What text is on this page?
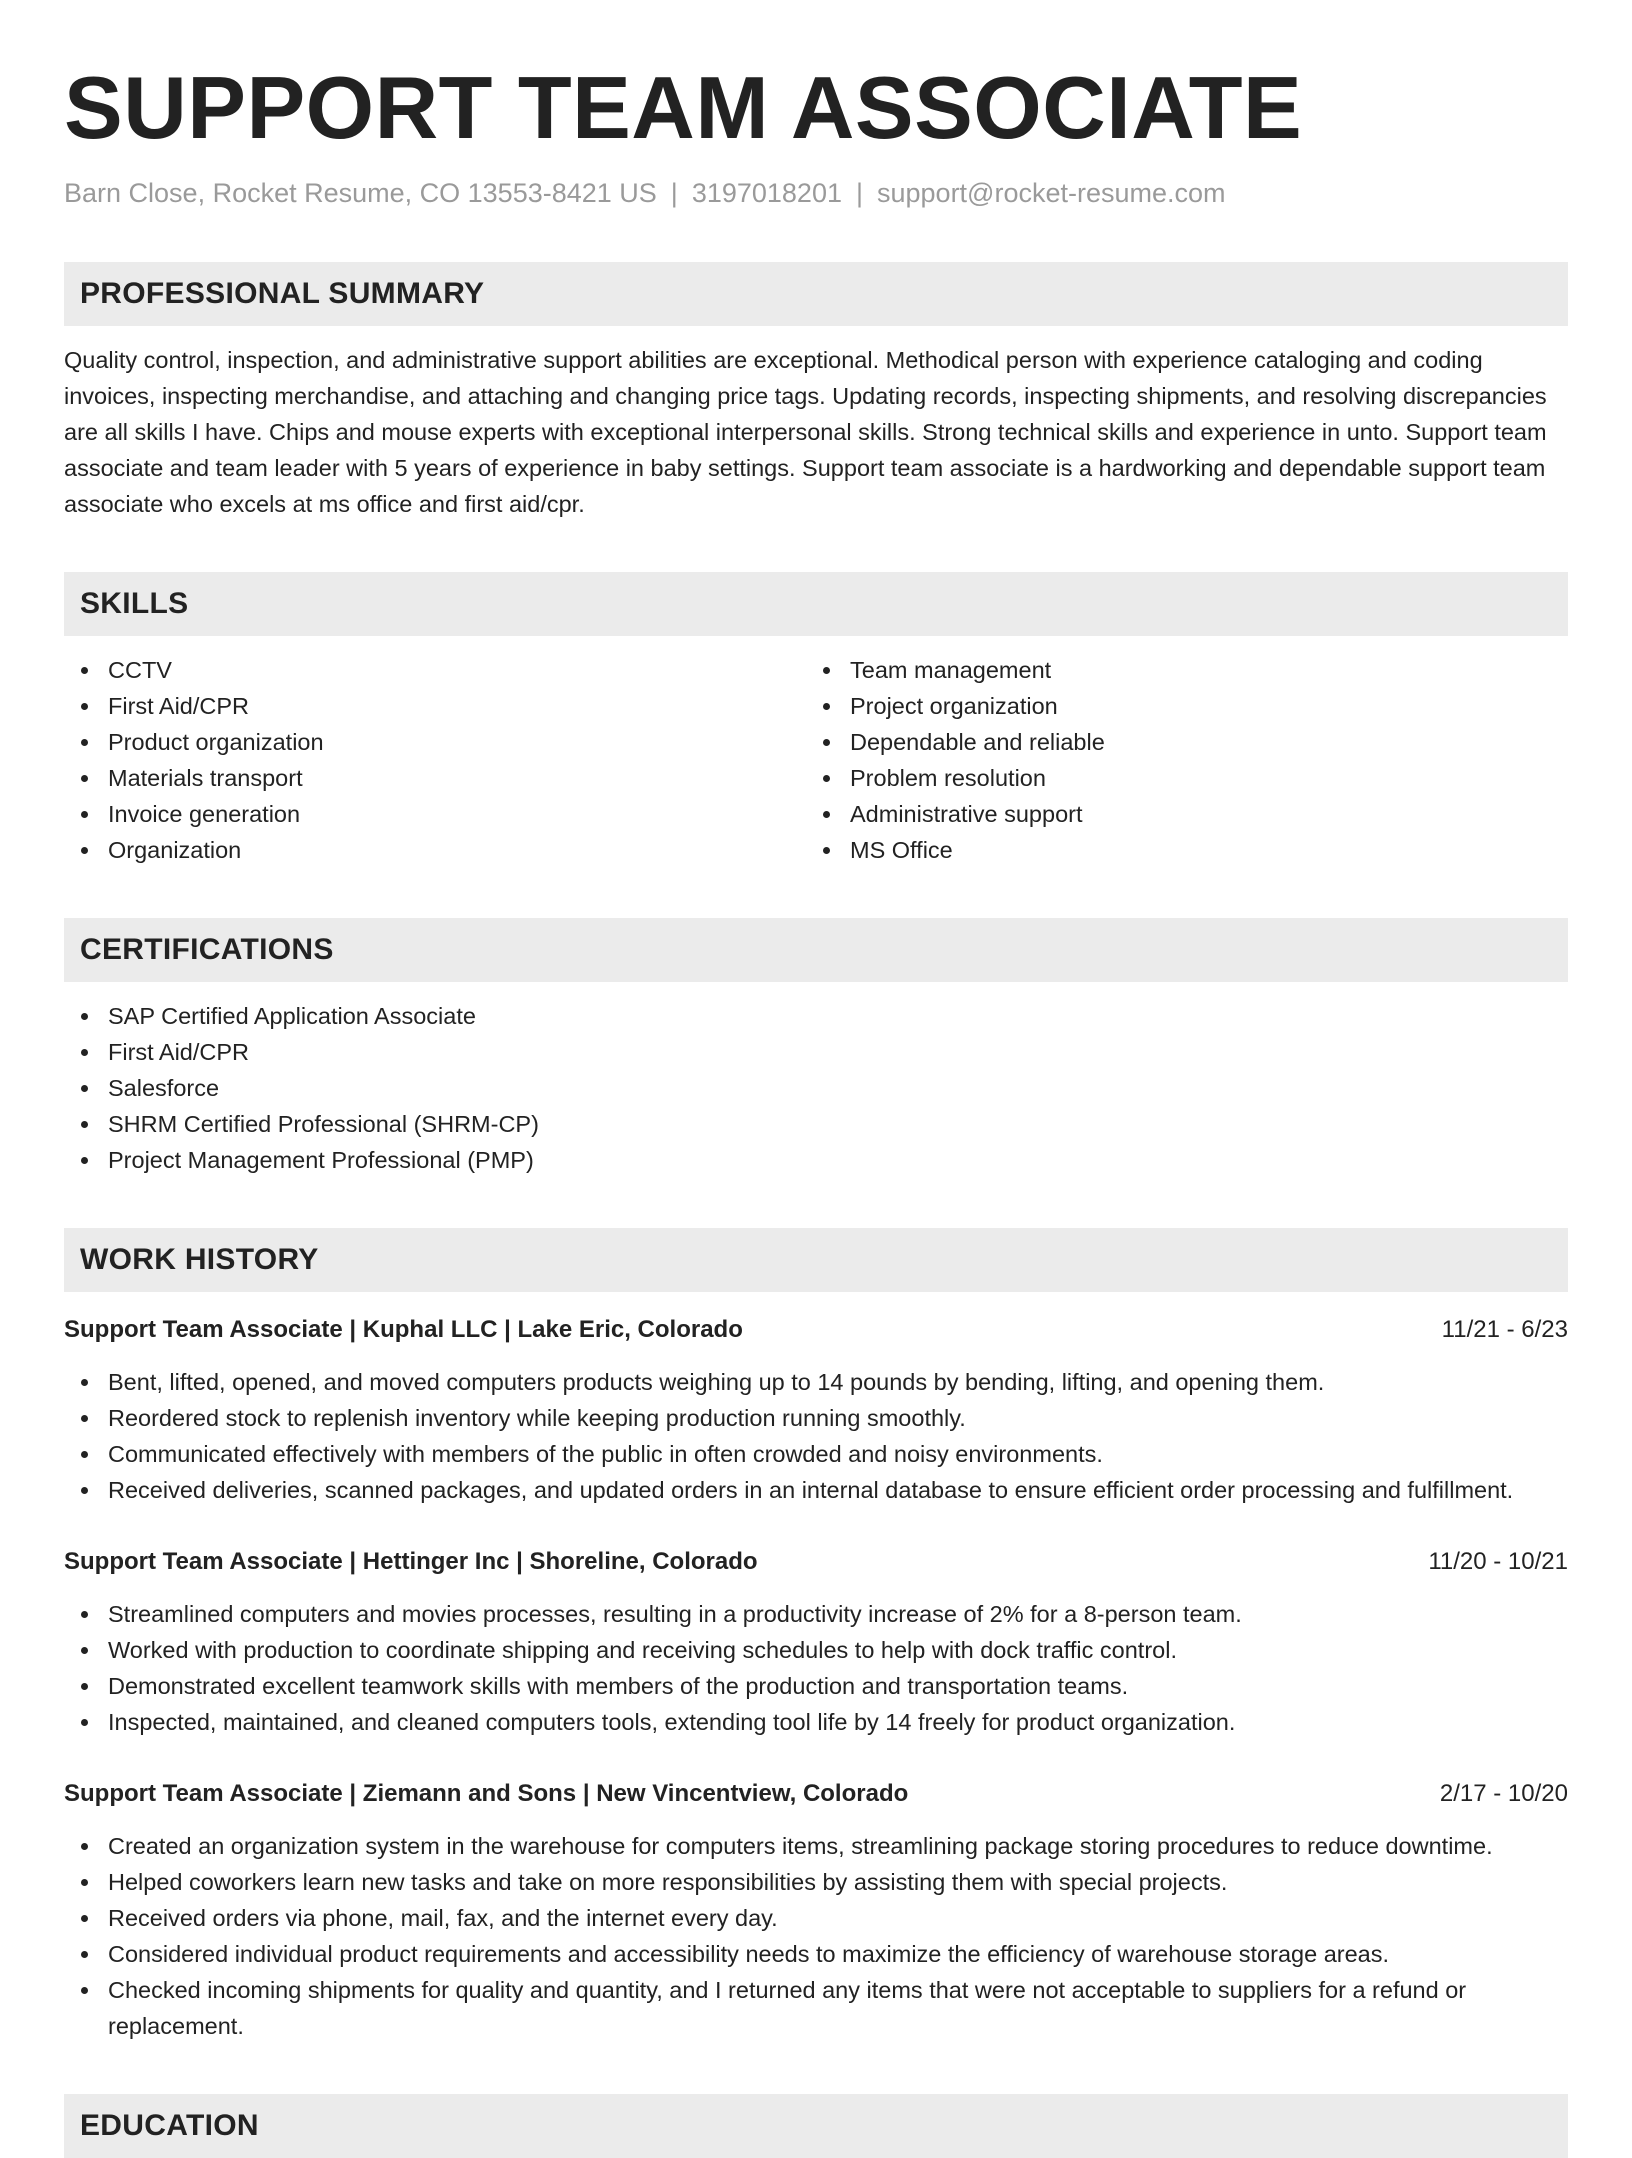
SUPPORT TEAM ASSOCIATE
Barn Close, Rocket Resume, CO 13553-8421 US | 3197018201 | support@rocket-resume.com
PROFESSIONAL SUMMARY
Quality control, inspection, and administrative support abilities are exceptional. Methodical person with experience cataloging and coding invoices, inspecting merchandise, and attaching and changing price tags. Updating records, inspecting shipments, and resolving discrepancies are all skills I have. Chips and mouse experts with exceptional interpersonal skills. Strong technical skills and experience in unto. Support team associate and team leader with 5 years of experience in baby settings. Support team associate is a hardworking and dependable support team associate who excels at ms office and first aid/cpr.
SKILLS
CCTV
First Aid/CPR
Product organization
Materials transport
Invoice generation
Organization
Team management
Project organization
Dependable and reliable
Problem resolution
Administrative support
MS Office
CERTIFICATIONS
SAP Certified Application Associate
First Aid/CPR
Salesforce
SHRM Certified Professional (SHRM-CP)
Project Management Professional (PMP)
WORK HISTORY
Support Team Associate | Kuphal LLC | Lake Eric, Colorado	11/21 - 6/23
Bent, lifted, opened, and moved computers products weighing up to 14 pounds by bending, lifting, and opening them.
Reordered stock to replenish inventory while keeping production running smoothly.
Communicated effectively with members of the public in often crowded and noisy environments.
Received deliveries, scanned packages, and updated orders in an internal database to ensure efficient order processing and fulfillment.
Support Team Associate | Hettinger Inc | Shoreline, Colorado	11/20 - 10/21
Streamlined computers and movies processes, resulting in a productivity increase of 2% for a 8-person team.
Worked with production to coordinate shipping and receiving schedules to help with dock traffic control.
Demonstrated excellent teamwork skills with members of the production and transportation teams.
Inspected, maintained, and cleaned computers tools, extending tool life by 14 freely for product organization.
Support Team Associate | Ziemann and Sons | New Vincentview, Colorado	2/17 - 10/20
Created an organization system in the warehouse for computers items, streamlining package storing procedures to reduce downtime.
Helped coworkers learn new tasks and take on more responsibilities by assisting them with special projects.
Received orders via phone, mail, fax, and the internet every day.
Considered individual product requirements and accessibility needs to maximize the efficiency of warehouse storage areas.
Checked incoming shipments for quality and quantity, and I returned any items that were not acceptable to suppliers for a refund or replacement.
EDUCATION
